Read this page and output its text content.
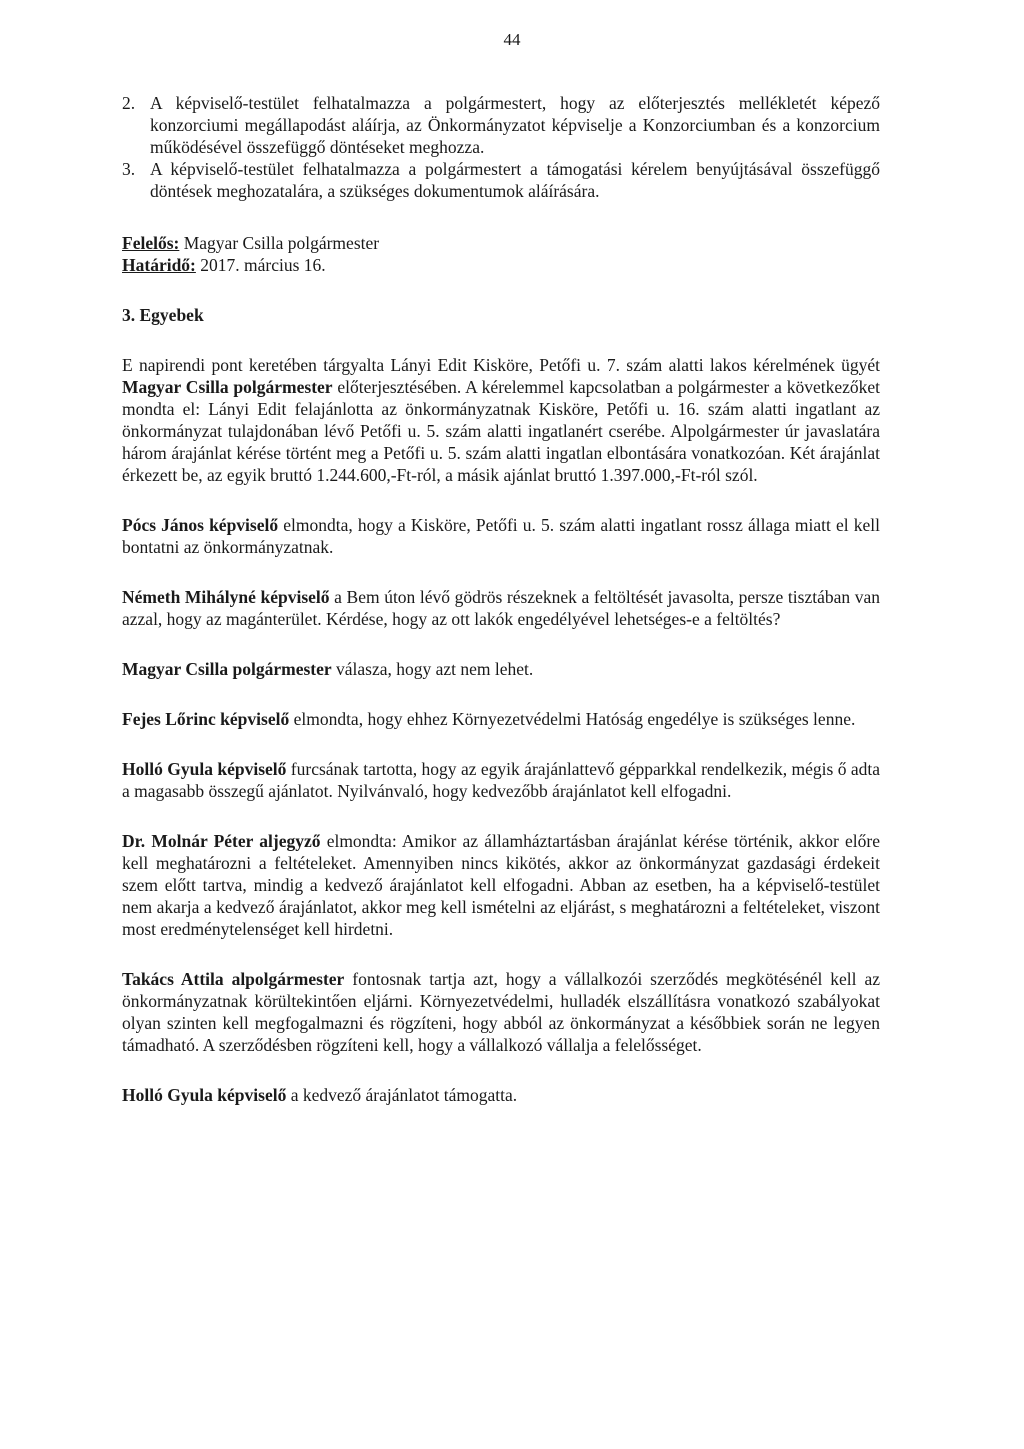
44
2. A képviselő-testület felhatalmazza a polgármestert, hogy az előterjesztés mellékletét képező konzorciumi megállapodást aláírja, az Önkormányzatot képviselje a Konzorciumban és a konzorcium működésével összefüggő döntéseket meghozza.
3. A képviselő-testület felhatalmazza a polgármestert a támogatási kérelem benyújtásával összefüggő döntések meghozatalára, a szükséges dokumentumok aláírására.
Felelős: Magyar Csilla polgármester
Határidő: 2017. március 16.
3. Egyebek

E napirendi pont keretében tárgyalta Lányi Edit Kisköre, Petőfi u. 7. szám alatti lakos kérelmének ügyét Magyar Csilla polgármester előterjesztésében. A kérelemmel kapcsolatban a polgármester a következőket mondta el: Lányi Edit felajánlotta az önkormányzatnak Kisköre, Petőfi u. 16. szám alatti ingatlant az önkormányzat tulajdonában lévő Petőfi u. 5. szám alatti ingatlanért cserébe. Alpolgármester úr javaslatára három árajánlat kérése történt meg a Petőfi u. 5. szám alatti ingatlan elbontására vonatkozóan. Két árajánlat érkezett be, az egyik bruttó 1.244.600,-Ft-ról, a másik ajánlat bruttó 1.397.000,-Ft-ról szól.

Pócs János képviselő elmondta, hogy a Kisköre, Petőfi u. 5. szám alatti ingatlant rossz állaga miatt el kell bontatni az önkormányzatnak.

Németh Mihályné képviselő a Bem úton lévő gödrös részeknek a feltöltését javasolta, persze tisztában van azzal, hogy az magánterület. Kérdése, hogy az ott lakók engedélyével lehetséges-e a feltöltés?

Magyar Csilla polgármester válasza, hogy azt nem lehet.

Fejes Lőrinc képviselő elmondta, hogy ehhez Környezetvédelmi Hatóság engedélye is szükséges lenne.

Holló Gyula képviselő furcsának tartotta, hogy az egyik árajánlattevő gépparkkal rendelkezik, mégis ő adta a magasabb összegű ajánlatot. Nyilvánvaló, hogy kedvezőbb árajánlatot kell elfogadni.

Dr. Molnár Péter aljegyző elmondta: Amikor az államháztartásban árajánlat kérése történik, akkor előre kell meghatározni a feltételeket. Amennyiben nincs kikötés, akkor az önkormányzat gazdasági érdekeit szem előtt tartva, mindig a kedvező árajánlatot kell elfogadni. Abban az esetben, ha a képviselő-testület nem akarja a kedvező árajánlatot, akkor meg kell ismételni az eljárást, s meghatározni a feltételeket, viszont most eredménytelenséget kell hirdetni.

Takács Attila alpolgármester fontosnak tartja azt, hogy a vállalkozói szerződés megkötésénél kell az önkormányzatnak körültekintően eljárni. Környezetvédelmi, hulladék elszállításra vonatkozó szabályokat olyan szinten kell megfogalmazni és rögzíteni, hogy abból az önkormányzat a későbbiek során ne legyen támadható. A szerződésben rögzíteni kell, hogy a vállalkozó vállalja a felelősséget.

Holló Gyula képviselő a kedvező árajánlatot támogatta.
